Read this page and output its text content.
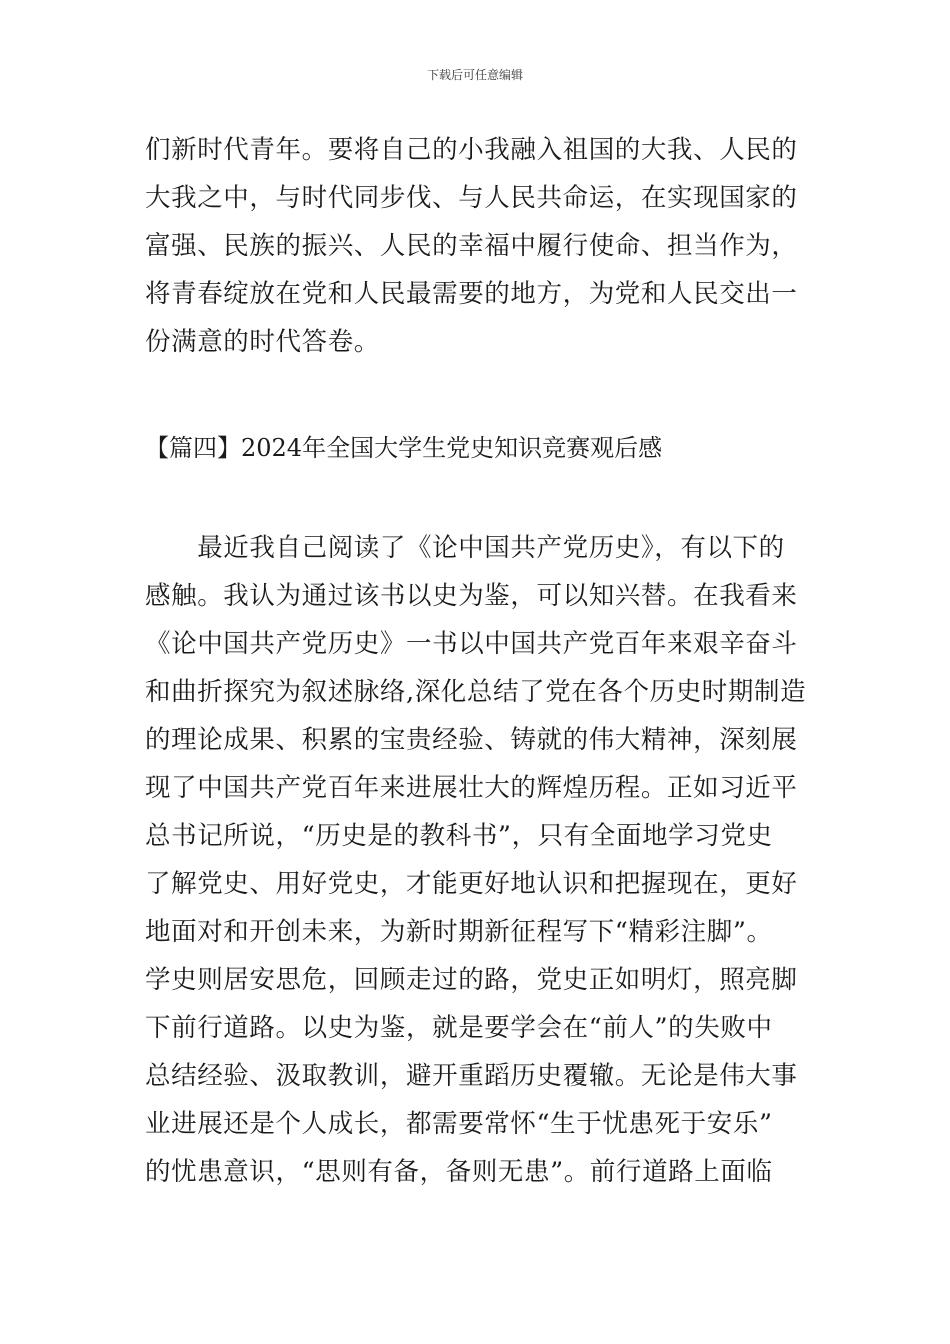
下载后可任意编辑
们新时代青年。要将自己的小我融入祖国的大我、人民的
大我之中，与时代同步伐、与人民共命运，在实现国家的
富强、民族的振兴、人民的幸福中履行使命、担当作为，
将青春绽放在党和人民最需要的地方，为党和人民交出一
份满意的时代答卷。
【篇四】2024年全国大学生党史知识竞赛观后感
　　最近我自己阅读了《论中国共产党历史》，有以下的
感触。我认为通过该书以史为鉴，可以知兴替。在我看来
《论中国共产党历史》一书以中国共产党百年来艰辛奋斗
和曲折探究为叙述脉络,深化总结了党在各个历史时期制造
的理论成果、积累的宝贵经验、铸就的伟大精神，深刻展
现了中国共产党百年来进展壮大的辉煌历程。正如习近平
总书记所说，“历史是的教科书”，只有全面地学习党史
了解党史、用好党史，才能更好地认识和把握现在，更好
地面对和开创未来，为新时期新征程写下“精彩注脚”。
学史则居安思危，回顾走过的路，党史正如明灯，照亮脚
下前行道路。以史为鉴，就是要学会在“前人”的失败中
总结经验、汲取教训，避开重蹈历史覆辙。无论是伟大事
业进展还是个人成长，都需要常怀“生于忧患死于安乐”
的忧患意识，“思则有备，备则无患”。前行道路上面临
